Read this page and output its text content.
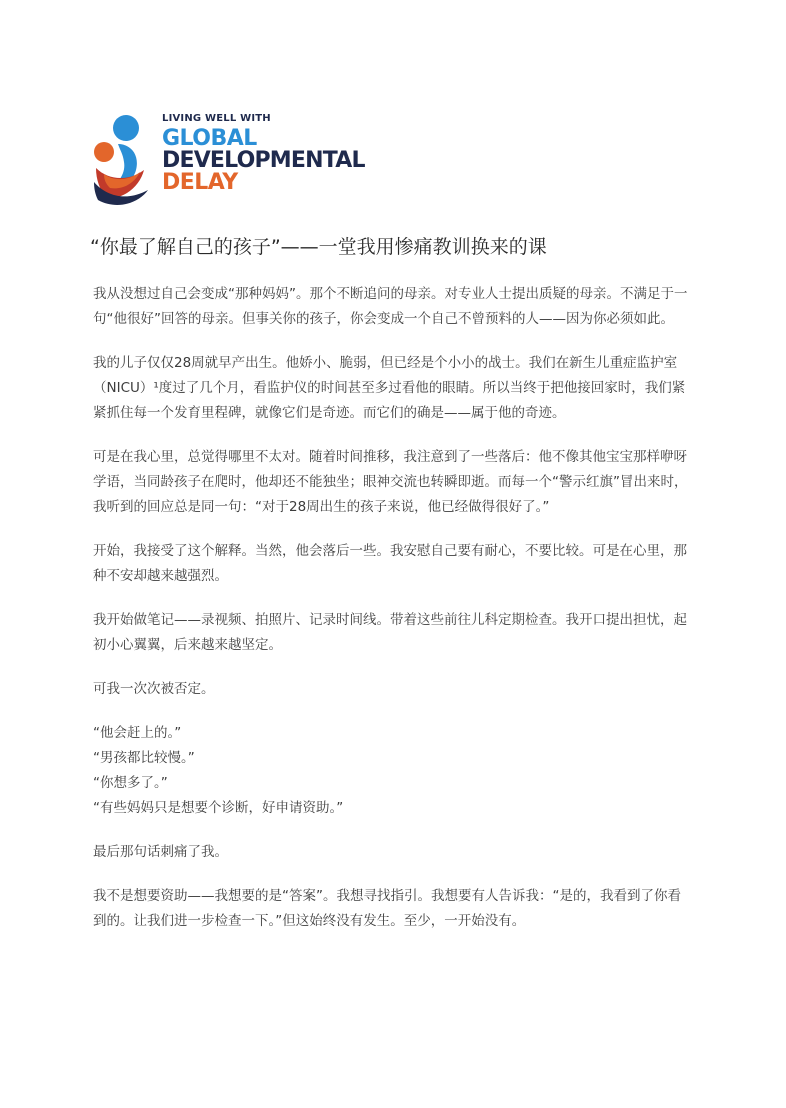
LIVING WELL WITH
GLOBAL
DEVELOPMENTAL
DELAY
“你最了解自己的孩子”——一堂我用惨痛教训换来的课

我从没想过自己会变成“那种妈妈”。那个不断追问的母亲。对专业人士提出质疑的母亲。不满足于一句“他很好”回答的母亲。但事关你的孩子，你会变成一个自己不曾预料的人——因为你必须如此。

我的儿子仅仅28周就早产出生。他娇小、脆弱，但已经是个小小的战士。我们在新生儿重症监护室（NICU）¹度过了几个月，看监护仪的时间甚至多过看他的眼睛。所以当终于把他接回家时，我们紧紧抓住每一个发育里程碑，就像它们是奇迹。而它们的确是——属于他的奇迹。

可是在我心里，总觉得哪里不太对。随着时间推移，我注意到了一些落后：他不像其他宝宝那样咿呀学语，当同龄孩子在爬时，他却还不能独坐；眼神交流也转瞬即逝。而每一个“警示红旗”冒出来时，我听到的回应总是同一句：“对于28周出生的孩子来说，他已经做得很好了。”

开始，我接受了这个解释。当然，他会落后一些。我安慰自己要有耐心，不要比较。可是在心里，那种不安却越来越强烈。

我开始做笔记——录视频、拍照片、记录时间线。带着这些前往儿科定期检查。我开口提出担忧，起初小心翼翼，后来越来越坚定。

可我一次次被否定。

“他会赶上的。”

“男孩都比较慢。”

“你想多了。”

“有些妈妈只是想要个诊断，好申请资助。”

最后那句话刺痛了我。

我不是想要资助——我想要的是“答案”。我想寻找指引。我想要有人告诉我：“是的，我看到了你看到的。让我们进一步检查一下。”但这始终没有发生。至少，一开始没有。
